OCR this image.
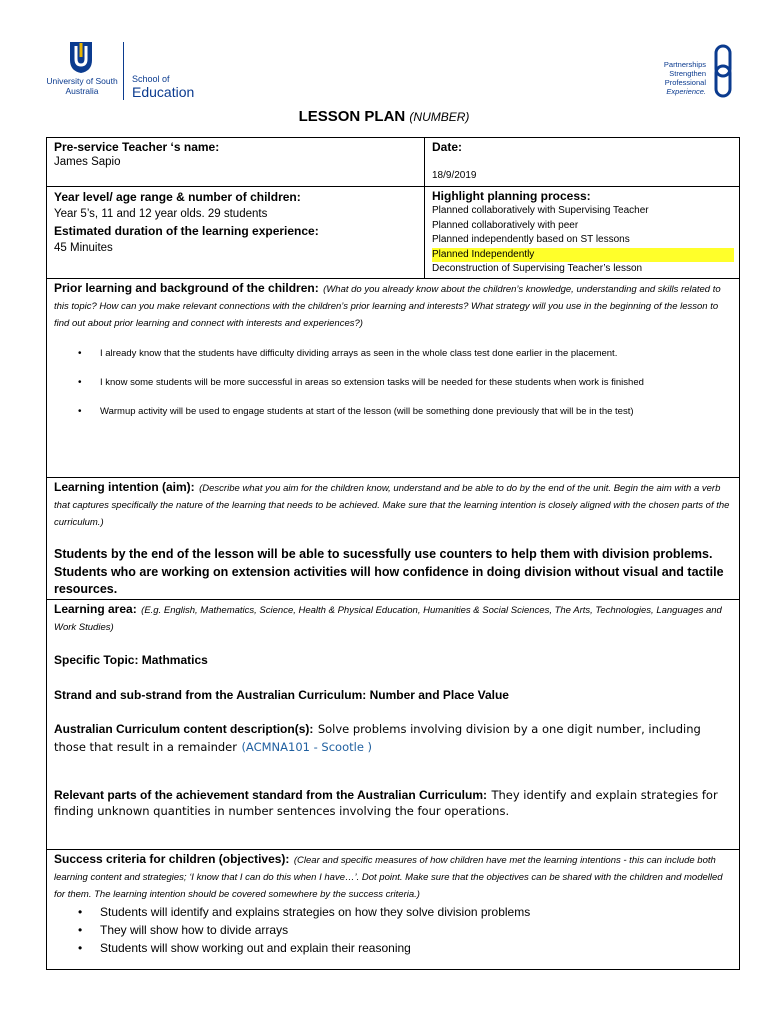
University of South Australia
School of
Education
Partnerships
Strengthen
Professional
Experience.
LESSON PLAN (NUMBER)
Pre-service Teacher ‘s name:
James Sapio
Date:
18/9/2019
Year level/ age range & number of children:
Year 5’s, 11 and 12 year olds. 29 students
Estimated duration of the learning experience:
45 Minuites
Highlight planning process:
Planned collaboratively with Supervising Teacher
Planned collaboratively with peer
Planned independently based on ST lessons
Planned Independently
Deconstruction of Supervising Teacher’s lesson
Prior learning and background of the children: (What do you already know about the children’s knowledge, understanding and skills related to this topic? How can you make relevant connections with the children’s prior learning and interests? What strategy will you use in the beginning of the lesson to find out about prior learning and connect with interests and experiences?)
• I already know that the students have difficulty dividing arrays as seen in the whole class test done earlier in the placement.
• I know some students will be more successful in areas so extension tasks will be needed for these students when work is finished
• Warmup activity will be used to engage students at start of the lesson (will be something done previously that will be in the test)
Learning intention (aim): (Describe what you aim for the children know, understand and be able to do by the end of the unit. Begin the aim with a verb that captures specifically the nature of the learning that needs to be achieved. Make sure that the learning intention is closely aligned with the chosen parts of the curriculum.)
Students by the end of the lesson will be able to sucessfully use counters to help them with division problems. Students who are working on extension activities will how confidence in doing division without visual and tactile resources.
Learning area: (E.g. English, Mathematics, Science, Health & Physical Education, Humanities & Social Sciences, The Arts, Technologies, Languages and Work Studies)
Specific Topic: Mathmatics
Strand and sub-strand from the Australian Curriculum: Number and Place Value
Australian Curriculum content description(s): Solve problems involving division by a one digit number, including those that result in a remainder (ACMNA101 - Scootle )
Relevant parts of the achievement standard from the Australian Curriculum: They identify and explain strategies for finding unknown quantities in number sentences involving the four operations.
Success criteria for children (objectives): (Clear and specific measures of how children have met the learning intentions - this can include both learning content and strategies; ‘I know that I can do this when I have…’. Dot point. Make sure that the objectives can be shared with the children and modelled for them. The learning intention should be covered somewhere by the success criteria.)
• Students will identify and explains strategies on how they solve division problems
• They will show how to divide arrays
• Students will show working out and explain their reasoning
